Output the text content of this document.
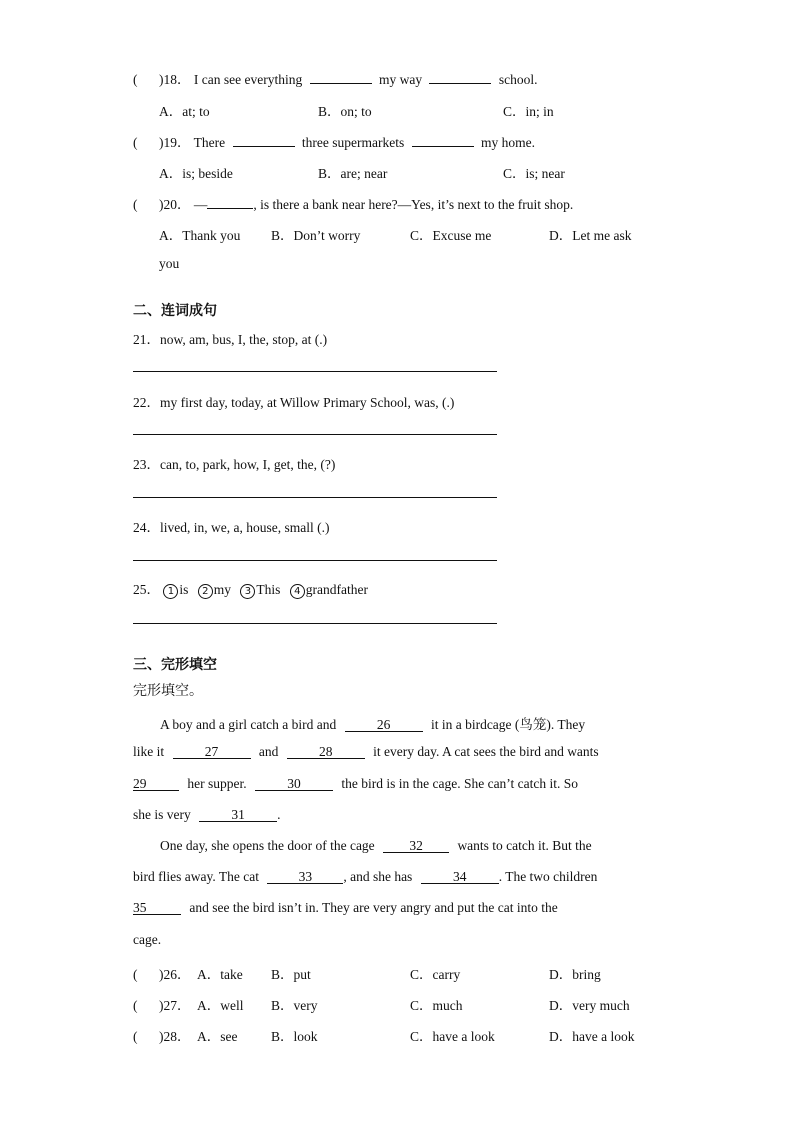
( )18． I can see everything	my way	school.
A．at; to	B．on; to	C．in; in
( )19． There	three supermarkets	my home.
A．is; beside	B．are; near	C．is; near
( )20． —	, is there a bank near here?—Yes, it’s next to the fruit shop.
A．Thank you B．Don’t worry	C．Excuse me	D．Let me ask
you
二、连词成句
21．now, am, bus, I, the, stop, at (.)
22．my first day, today, at Willow Primary School, was, (.)
23．can, to, park, how, I, get, the, (?)
24．lived, in, we, a, house, small (.)
25． 1 is 2 my 3 This 4 grandfather
三、完形填空
完形填空。
A boy and a girl catch a bird and	26	it in a birdcage (鸟笼). They
like it	27	and	28	it every day. A cat sees the bird and wants
29	her supper.	30	the bird is in the cage. She can’t catch it. So
she is very	31 .
One day, she opens the door of the cage	32	wants to catch it. But the
bird flies away. The cat	33 , and she has	34 . The two children
35	and see the bird isn’t in. They are very angry and put the cat into the
cage.
( )26． A．take B．put	C．carry	D．bring
( )27． A．well B．very	C．much	D．very much
( )28． A．see B．look	C．have a look	D．have a look
